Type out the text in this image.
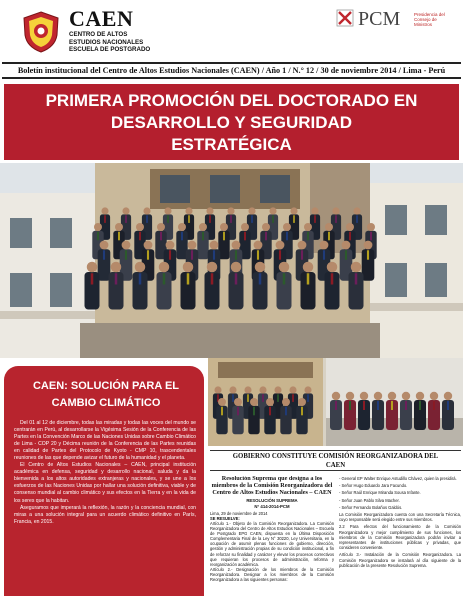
CAEN
CENTRO DE ALTOS
ESTUDIOS NACIONALES
ESCUELA DE POSTGRADO
PCM	Presidencia del Consejo de Ministros
Boletín institucional del Centro de Altos Estudios Nacionales (CAEN) / Año 1 / N.° 12 / 30 de noviembre 2014 / Lima - Perú
PRIMERA PROMOCIÓN DEL DOCTORADO EN
DESARROLLO Y SEGURIDAD
ESTRATÉGICA
CAEN: SOLUCIÓN PARA EL
CAMBIO CLIMÁTICO

Del 01 al 12 de diciembre, todas las miradas y todas las voces del mundo se centrarán en Perú, al desarrollarse la Vigésima Sesión de la Conferencia de las Partes en la Convención Marco de las Naciones Unidas sobre Cambio Climático de Lima - COP 20 y Décima reunión de la Conferencia de las Partes reunidas en calidad de Partes del Protocolo de Kyoto - CMP 10, trascendentales reuniones de las que depende avizar el futuro de la humanidad y el planeta.

El Centro de Altos Estudios Nacionales – CAEN, principal institución académica en defensa, seguridad y desarrollo nacional, saluda y da la bienvenida a los altos autoridades extranjeras y nacionales, y se une a los esfuerzos de las Naciones Unidas por hallar una solución definitiva, viable y de consenso mundial al cambio climático y sus efectos en la Tierra y en la vida de los seres que la habitan.

Aseguramos que imperará la reflexión, la razón y la conciencia mundial, con miras a una solución integral para un acuerdo climático definitivo en París, Francia, en 2015.

GOBIERNO CONSTITUYE COMISIÓN REORGANIZADORA DEL
CAEN
Resolución Suprema que designa a los miembros de la Comisión Reorganizadora del Centro de Altos Estudios Nacionales – CAEN
RESOLUCIÓN SUPREMA
N° 414-2014-PCM

Lima, 29 de noviembre de 2014

SE RESUELVE:

Artículo 1.- Objeto de la Comisión Reorganizadora. La Comisión Reorganizadora del Centro de Altos Estudios Nacionales – Escuela de Postgrado EPG CAEN, dispuesta en la Última Disposición Complementaria Final de la Ley N° 30220, Ley Universitaria, en la ocupación de asumir plenas funciones de gobierno, dirección, gestión y administración propias de su condición institucional, a fin de reforzar su finalidad y carácter y elevar los procesos correctivos que requieran los procesos de administración, reforma y reorganización académica.

Artículo 2.- Designación de los miembros de la Comisión Reorganizadora. Designar a los miembros de la Comisión Reorganizadora a las siguientes personas:

- General EP Walter Enrique Astudillo Chávez, quien la presidirá.

- Señor Hugo Eduardo Jara Facundo.

- Señor Raúl Enrique Miranda Sousa Infante.

- Señor Juan Pablo Silva Macher.

- Señor Fernando Bolaños Galdós.

La Comisión Reorganizadora cuenta con una Secretaría Técnica, cuyo responsable será elegido entre sus miembros.

2.2 Para efectos del funcionamiento de la Comisión Reorganizadora y mejor cumplimiento de sus funciones, los miembros de la Comisión Reorganizadora podrán invitar a representantes de instituciones públicas y privadas, que consideren conveniente.

Artículo 3.- Instalación de la Comisión Reorganizadora. La Comisión Reorganizadora se instalará al día siguiente de la publicación de la presente Resolución Suprema.
